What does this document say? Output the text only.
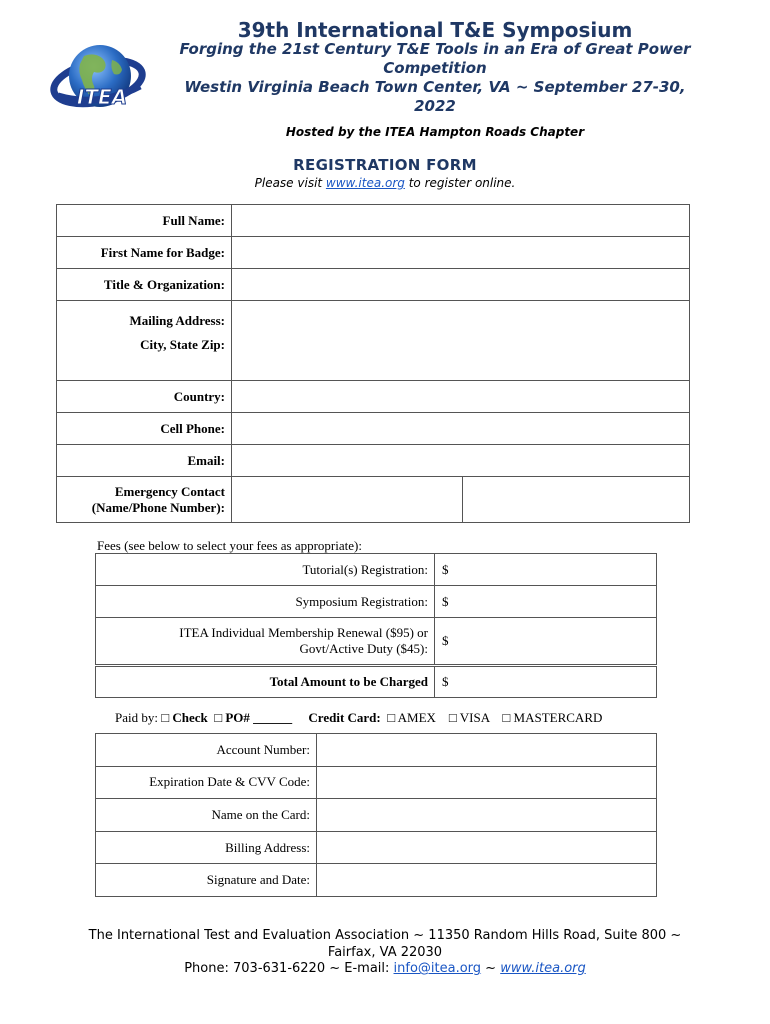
ITEA
39th International T&E Symposium
Forging the 21st Century T&E Tools in an Era of Great Power Competition
Westin Virginia Beach Town Center, VA ~ September 27-30, 2022
Hosted by the ITEA Hampton Roads Chapter
REGISTRATION FORM
Please visit www.itea.org to register online.
Full Name:		
First Name for Badge:		
Title & Organization:		
Mailing Address:
City, State Zip:		
Country:		
Cell Phone:		
Email:		
Emergency Contact
(Name/Phone Number):		
Fees (see below to select your fees as appropriate):
Tutorial(s) Registration:	$
Symposium Registration:	$
ITEA Individual Membership Renewal ($95) or
Govt/Active Duty ($45):	$
Total Amount to be Charged	$
Paid by: □ Check □ PO# ______ Credit Card: □ AMEX □ VISA □ MASTERCARD
Account Number:	
Expiration Date & CVV Code:	
Name on the Card:	
Billing Address:	
Signature and Date:	
The International Test and Evaluation Association ~ 11350 Random Hills Road, Suite 800 ~
Fairfax, VA 22030
Phone: 703-631-6220 ~ E-mail: info@itea.org ~ www.itea.org
